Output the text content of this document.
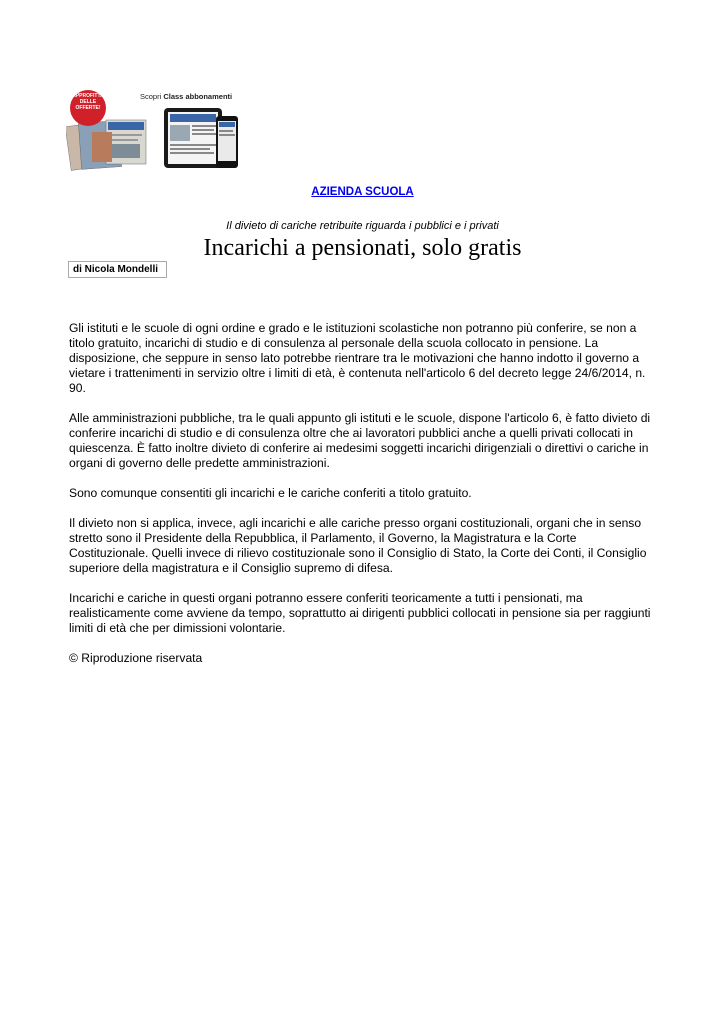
APPROFITTA
DELLE
OFFERTE!
Scopri Class abbonamenti
AZIENDA SCUOLA
Il divieto di cariche retribuite riguarda i pubblici e i privati
Incarichi a pensionati, solo gratis
di Nicola Mondelli

Gli istituti e le scuole di ogni ordine e grado e le istituzioni scolastiche non potranno più conferire, se non a titolo gratuito, incarichi di studio e di consulenza al personale della scuola collocato in pensione. La disposizione, che seppure in senso lato potrebbe rientrare tra le motivazioni che hanno indotto il governo a vietare i trattenimenti in servizio oltre i limiti di età, è contenuta nell'articolo 6 del decreto legge 24/6/2014, n. 90.

Alle amministrazioni pubbliche, tra le quali appunto gli istituti e le scuole, dispone l'articolo 6, è fatto divieto di conferire incarichi di studio e di consulenza oltre che ai lavoratori pubblici anche a quelli privati collocati in quiescenza. È fatto inoltre divieto di conferire ai medesimi soggetti incarichi dirigenziali o direttivi o cariche in organi di governo delle predette amministrazioni.

Sono comunque consentiti gli incarichi e le cariche conferiti a titolo gratuito.

Il divieto non si applica, invece, agli incarichi e alle cariche presso organi costituzionali, organi che in senso stretto sono il Presidente della Repubblica, il Parlamento, il Governo, la Magistratura e la Corte Costituzionale. Quelli invece di rilievo costituzionale sono il Consiglio di Stato, la Corte dei Conti, il Consiglio superiore della magistratura e il Consiglio supremo di difesa.

Incarichi e cariche in questi organi potranno essere conferiti teoricamente a tutti i pensionati, ma realisticamente come avviene da tempo, soprattutto ai dirigenti pubblici collocati in pensione sia per raggiunti limiti di età che per dimissioni volontarie.

© Riproduzione riservata
